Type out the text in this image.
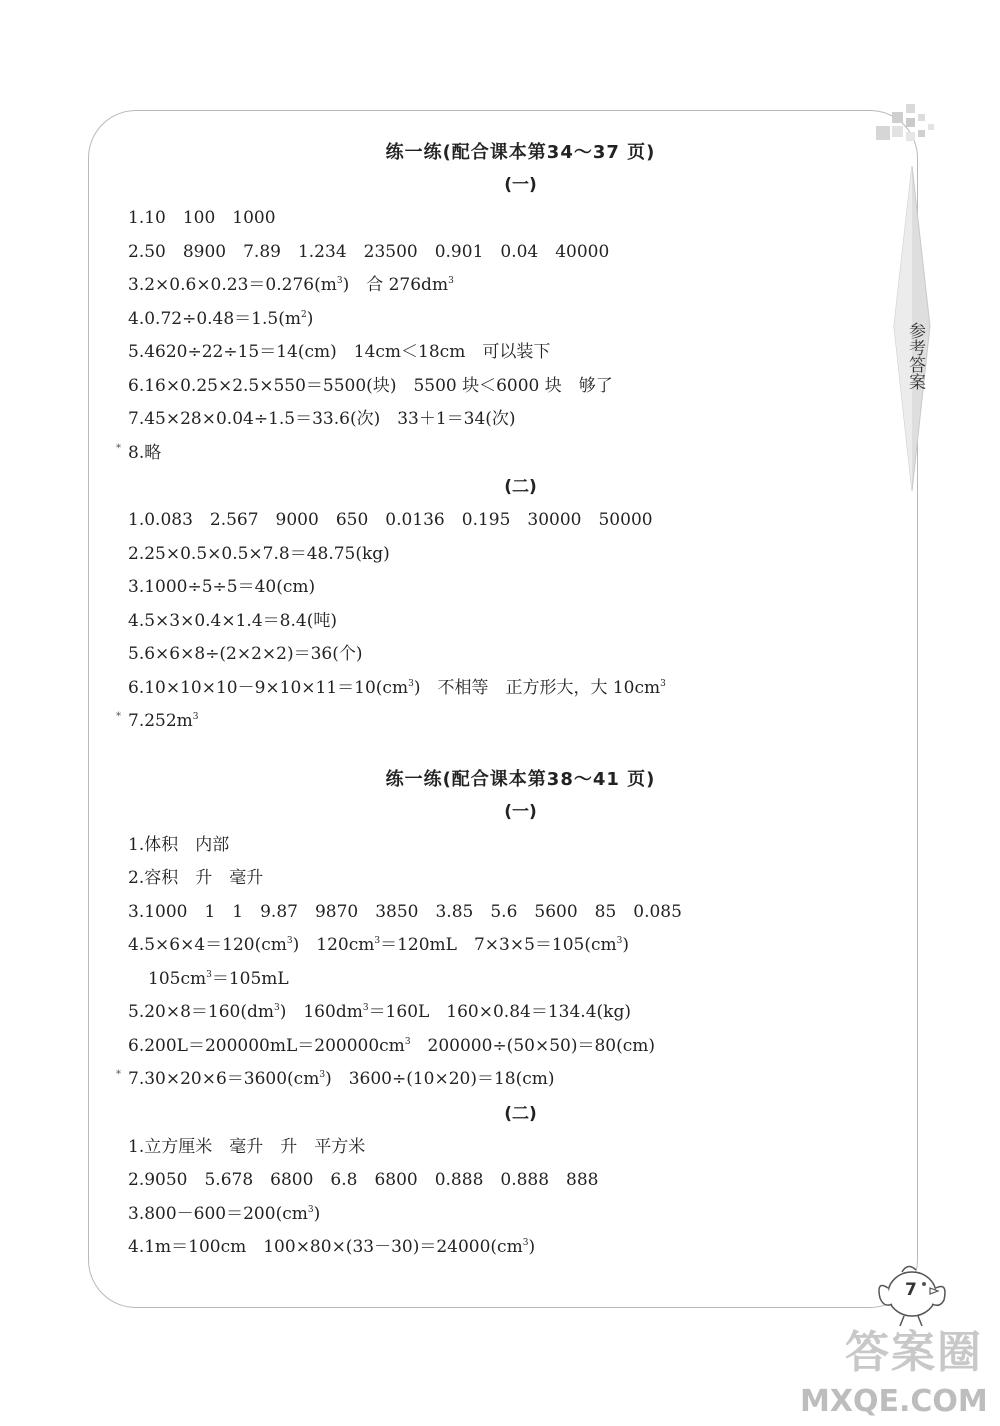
参考答案
练一练(配合课本第34～37 页)
(一)
1.10　100　1000
2.50　8900　7.89　1.234　23500　0.901　0.04　40000
$3.2\times 0.6\times 0.23=0.276(m^3)$　合 $276dm^3$
$4.0.72\div 0.48=1.5(m^2)$
5.4620÷22÷15＝14(cm)　14cm＜18cm　可以装下
6.16×0.25×2.5×550＝5500(块)　5500 块＜6000 块　够了
7.45×28×0.04÷1.5＝33.6(次)　33＋1＝34(次)
* 8.略
(二)
1.0.083　2.567　9000　650　0.0136　0.195　30000　50000
2.25×0.5×0.5×7.8＝48.75(kg)
3.1000÷5÷5＝40(cm)
4.5×3×0.4×1.4＝8.4(吨)
5.6×6×8÷(2×2×2)＝36(个)
$6.10\times 10\times 10-9\times 10\times 11=10(cm^3)$　不相等　正方形大，大 $10cm^3$
* $7.252m^3$
练一练(配合课本第38～41 页)
(一)
1.体积　内部
2.容积　升　毫升
3.1000　1　1　9.87　9870　3850　3.85　5.6　5600　85　0.085
$4.5\times 6\times 4=120(cm^3)$　$120cm^3=120mL$　$7\times 3\times 5=105(cm^3)$
$105cm^3=105mL$
$5.20\times 8=160(dm^3)$　$160dm^3=160L$　160×0.84＝134.4(kg)
$6.200L=200000mL=200000cm^3$　200000÷(50×50)＝80(cm)
* $7.30\times 20\times 6=3600(cm^3)$　3600÷(10×20)＝18(cm)
(二)
1.立方厘米　毫升　升　平方米
2.9050　5.678　6800　6.8　6800　0.888　0.888　888
$3.800-600=200(cm^3)$
4.1m＝100cm　$100\times 80\times(33-30)=24000(cm^3)$
7
答案圈
MXQE.COM
